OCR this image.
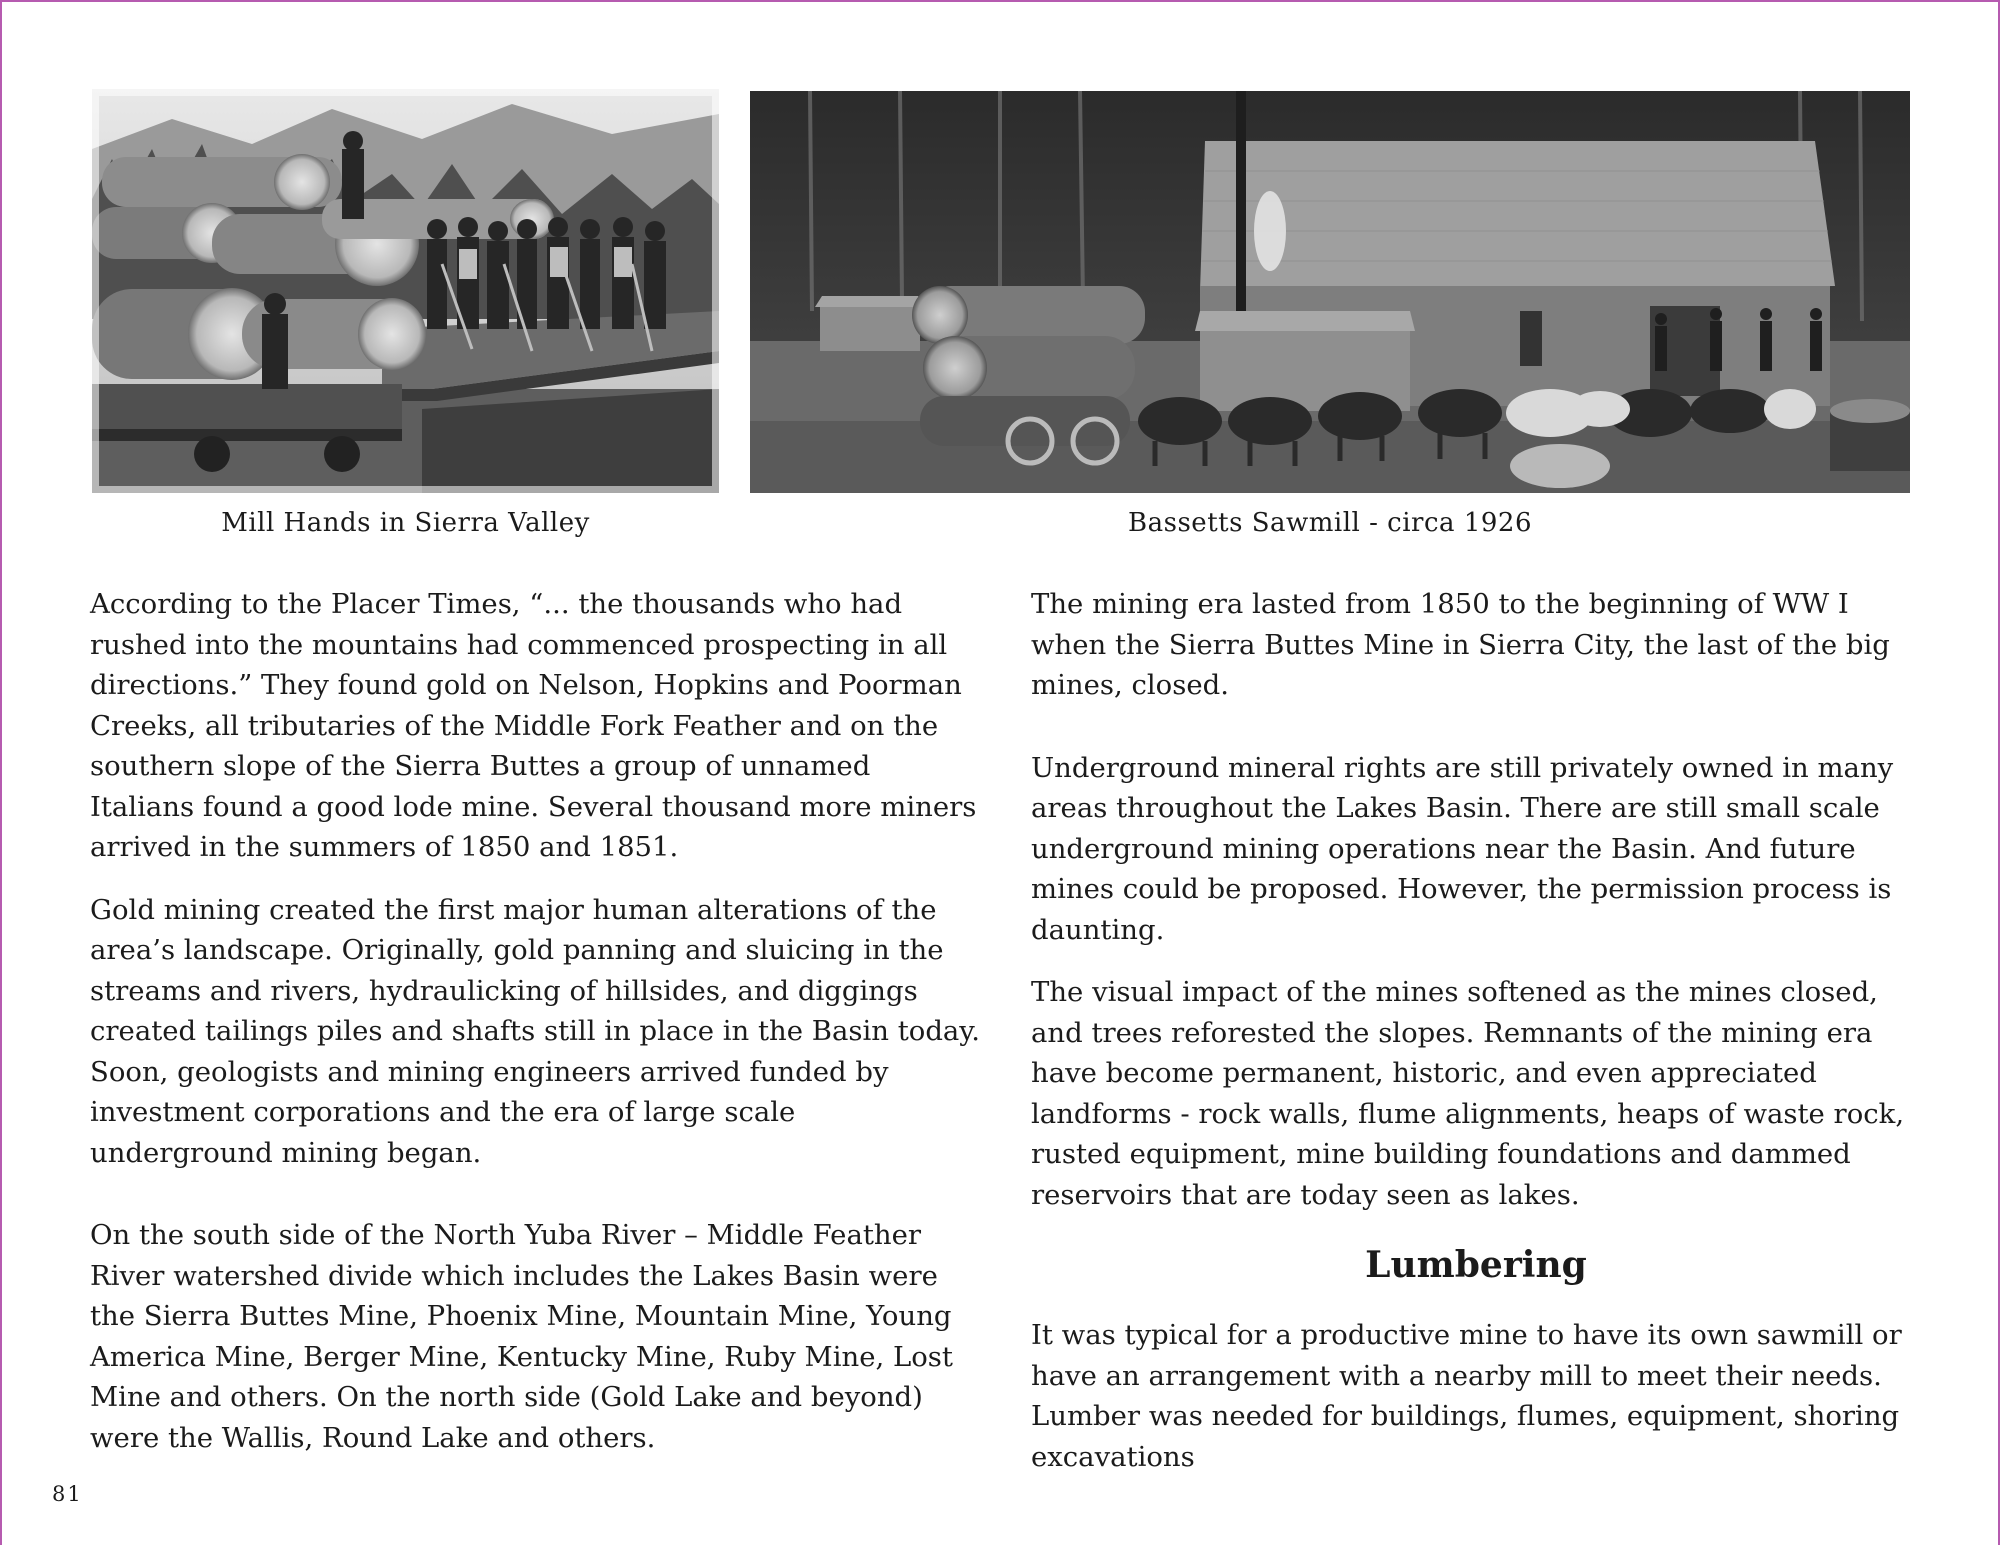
Mill Hands in Sierra Valley	Bassetts Sawmill - circa 1926

According to the Placer Times, “... the thousands who had rushed into the mountains had commenced prospecting in all directions.” They found gold on Nelson, Hopkins and Poorman Creeks, all tributaries of the Middle Fork Feather and on the southern slope of the Sierra Buttes a group of unnamed Italians found a good lode mine. Several thousand more miners arrived in the summers of 1850 and 1851.

Gold mining created the first major human alterations of the area’s landscape. Originally, gold panning and sluicing in the streams and rivers, hydraulicking of hillsides, and diggings created tailings piles and shafts still in place in the Basin today. Soon, geologists and mining engineers arrived funded by investment corporations and the era of large scale underground mining began.

On the south side of the North Yuba River – Middle Feather River watershed divide which includes the Lakes Basin were the Sierra Buttes Mine, Phoenix Mine, Mountain Mine, Young America Mine, Berger Mine, Kentucky Mine, Ruby Mine, Lost Mine and others. On the north side (Gold Lake and beyond) were the Wallis, Round Lake and others.

The mining era lasted from 1850 to the beginning of WW I when the Sierra Buttes Mine in Sierra City, the last of the big mines, closed.

Underground mineral rights are still privately owned in many areas throughout the Lakes Basin. There are still small scale underground mining operations near the Basin. And future mines could be proposed. However, the permission process is daunting.

The visual impact of the mines softened as the mines closed, and trees reforested the slopes. Remnants of the mining era have become permanent, historic, and even appreciated landforms - rock walls, flume alignments, heaps of waste rock, rusted equipment, mine building foundations and dammed reservoirs that are today seen as lakes.

Lumbering

It was typical for a productive mine to have its own sawmill or have an arrangement with a nearby mill to meet their needs. Lumber was needed for buildings, flumes, equipment, shoring excavations

81
